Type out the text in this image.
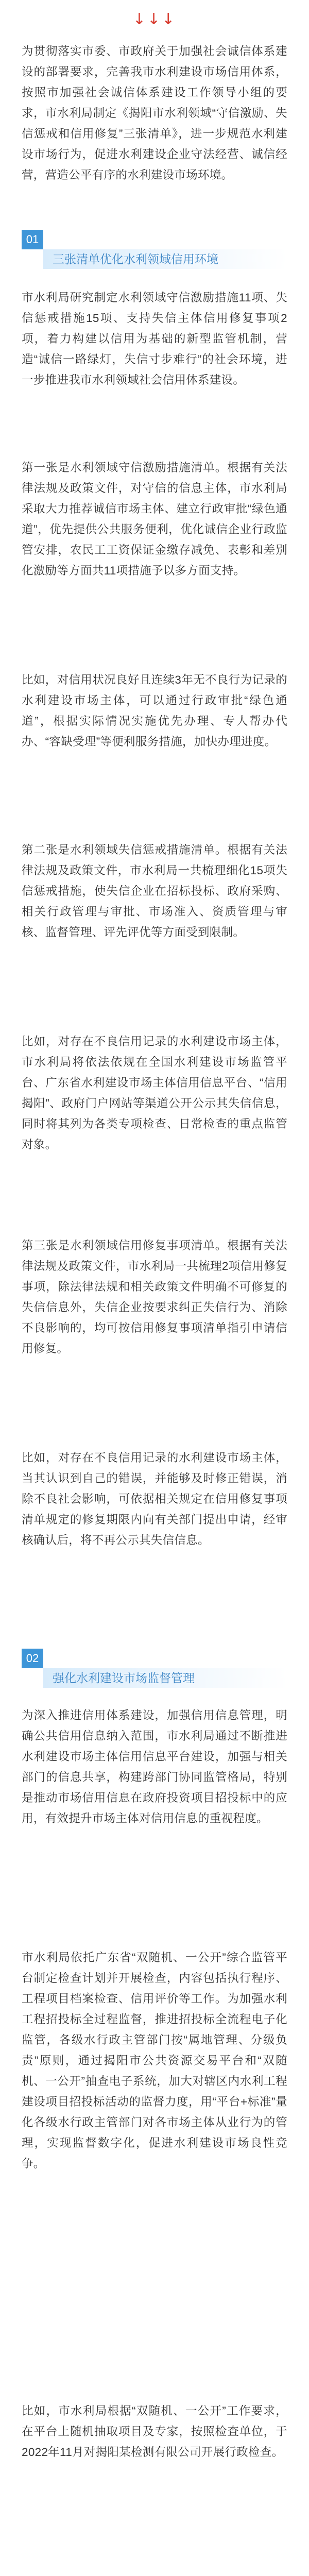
↓↓↓

为贯彻落实市委、市政府关于加强社会诚信体系建设的部署要求，完善我市水利建设市场信用体系，按照市加强社会诚信体系建设工作领导小组的要求，市水利局制定《揭阳市水利领域“守信激励、失信惩戒和信用修复”三张清单》，进一步规范水利建设市场行为，促进水利建设企业守法经营、诚信经营，营造公平有序的水利建设市场环境。

01
三张清单优化水利领域信用环境

市水利局研究制定水利领域守信激励措施11项、失信惩戒措施15项、支持失信主体信用修复事项2项，着力构建以信用为基础的新型监管机制，营造“诚信一路绿灯，失信寸步难行”的社会环境，进一步推进我市水利领域社会信用体系建设。

第一张是水利领域守信激励措施清单。根据有关法律法规及政策文件，对守信的信息主体，市水利局采取大力推荐诚信市场主体、建立行政审批“绿色通道”，优先提供公共服务便利，优化诚信企业行政监管安排，农民工工资保证金缴存减免、表彰和差别化激励等方面共11项措施予以多方面支持。

比如，对信用状况良好且连续3年无不良行为记录的水利建设市场主体，可以通过行政审批“绿色通道”，根据实际情况实施优先办理、专人帮办代办、“容缺受理”等便利服务措施，加快办理进度。

第二张是水利领域失信惩戒措施清单。根据有关法律法规及政策文件，市水利局一共梳理细化15项失信惩戒措施，使失信企业在招标投标、政府采购、相关行政管理与审批、市场准入、资质管理与审核、监督管理、评先评优等方面受到限制。

比如，对存在不良信用记录的水利建设市场主体，市水利局将依法依规在全国水利建设市场监管平台、广东省水利建设市场主体信用信息平台、“信用揭阳”、政府门户网站等渠道公开公示其失信信息，同时将其列为各类专项检查、日常检查的重点监管对象。

第三张是水利领域信用修复事项清单。根据有关法律法规及政策文件，市水利局一共梳理2项信用修复事项，除法律法规和相关政策文件明确不可修复的失信信息外，失信企业按要求纠正失信行为、消除不良影响的，均可按信用修复事项清单指引申请信用修复。

比如，对存在不良信用记录的水利建设市场主体，当其认识到自己的错误，并能够及时修正错误，消除不良社会影响，可依据相关规定在信用修复事项清单规定的修复期限内向有关部门提出申请，经审核确认后，将不再公示其失信信息。

02
强化水利建设市场监督管理

为深入推进信用体系建设，加强信用信息管理，明确公共信用信息纳入范围，市水利局通过不断推进水利建设市场主体信用信息平台建设，加强与相关部门的信息共享，构建跨部门协同监管格局，特别是推动市场信用信息在政府投资项目招投标中的应用，有效提升市场主体对信用信息的重视程度。

市水利局依托广东省“双随机、一公开”综合监管平台制定检查计划并开展检查，内容包括执行程序、工程项目档案检查、信用评价等工作。为加强水利工程招投标全过程监督，推进招投标全流程电子化监管，各级水行政主管部门按“属地管理、分级负责”原则，通过揭阳市公共资源交易平台和“双随机、一公开”抽查电子系统，加大对辖区内水利工程建设项目招投标活动的监督力度，用“平台+标准”量化各级水行政主管部门对各市场主体从业行为的管理，实现监督数字化，促进水利建设市场良性竞争。

比如，市水利局根据“双随机、一公开”工作要求，在平台上随机抽取项目及专家，按照检查单位，于2022年11月对揭阳某检测有限公司开展行政检查。
